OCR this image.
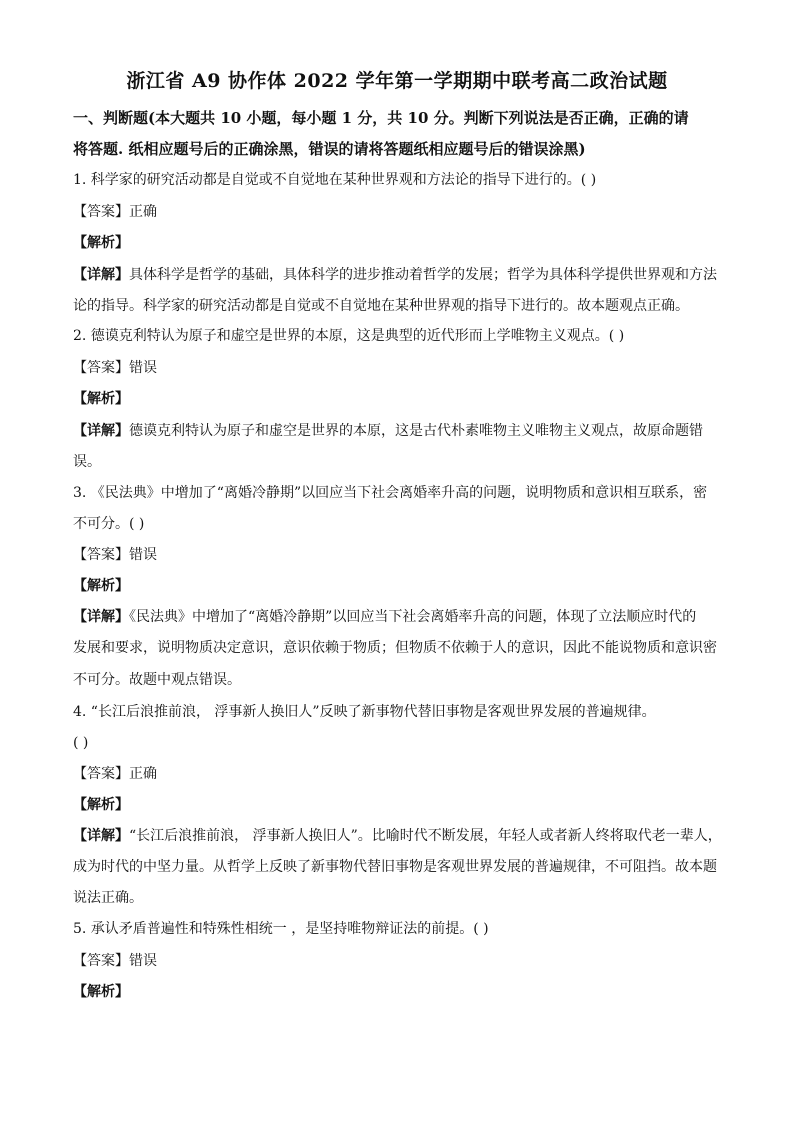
浙江省 A9 协作体 2022 学年第一学期期中联考高二政治试题
一、判断题(本大题共 10 小题，每小题 1 分，共 10 分。判断下列说法是否正确，正确的请
将答题. 纸相应题号后的正确涂黑，错误的请将答题纸相应题号后的错误涂黑)
1. 科学家的研究活动都是自觉或不自觉地在某种世界观和方法论的指导下进行的。( )
【答案】正确
【解析】
【详解】具体科学是哲学的基础，具体科学的进步推动着哲学的发展；哲学为具体科学提供世界观和方法
论的指导。科学家的研究活动都是自觉或不自觉地在某种世界观的指导下进行的。故本题观点正确。
2. 德谟克利特认为原子和虚空是世界的本原，这是典型的近代形而上学唯物主义观点。( )
【答案】错误
【解析】
【详解】德谟克利特认为原子和虚空是世界的本原，这是古代朴素唯物主义唯物主义观点，故原命题错
误。
3. 《民法典》中增加了“离婚冷静期”以回应当下社会离婚率升高的问题，说明物质和意识相互联系，密
不可分。( )
【答案】错误
【解析】
【详解】《民法典》中增加了“离婚冷静期”以回应当下社会离婚率升高的问题，体现了立法顺应时代的
发展和要求，说明物质决定意识，意识依赖于物质；但物质不依赖于人的意识，因此不能说物质和意识密
不可分。故题中观点错误。
4. “长江后浪推前浪， 浮事新人换旧人”反映了新事物代替旧事物是客观世界发展的普遍规律。
( )
【答案】正确
【解析】
【详解】“长江后浪推前浪， 浮事新人换旧人”。比喻时代不断发展，年轻人或者新人终将取代老一辈人，
成为时代的中坚力量。从哲学上反映了新事物代替旧事物是客观世界发展的普遍规律，不可阻挡。故本题
说法正确。
5. 承认矛盾普遍性和特殊性相统一 ，是坚持唯物辩证法的前提。( )
【答案】错误
【解析】
